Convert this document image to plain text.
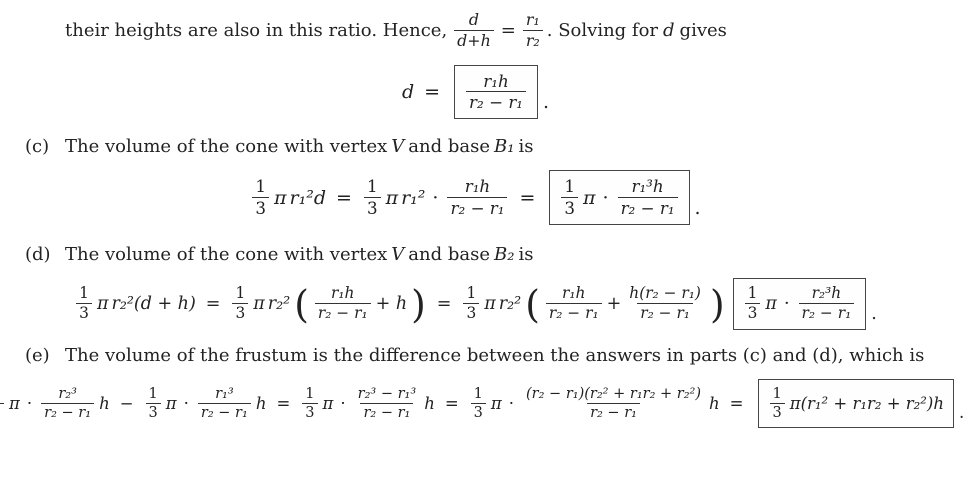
their heights are also in this ratio. Hence, $\frac{d}{d+h} = \frac{\text{r₁}}{\text{r₂}}$ . Solving for d gives

$d = \frac{\text{r₁h}}{\text{r₂ − r₁}}$ .

(c) The volume of the cone with vertex V and base B₁ is

$\frac{1}{3}$ π $r_1^2d = \frac{1}{3}$ π $r_1^2 \cdot \frac{\text{r₁h}}{\text{r₂ − r₁}} = \frac{1}{3}$ $\pi \cdot \frac{\text{r₁³h}}{\text{r₂ − r₁}}$ .

(d) The volume of the cone with vertex V and base B₂ is

$\frac{1}{3}$ π $r_2^2(d + h) = \frac{1}{3}$ π r₂² ( $\frac{\text{r₁h}}{\text{r₂ − r₁}} + h$ ) = $\frac{1}{3}$ π r₂² ( $\frac{\text{r₁h}}{\text{r₂ − r₁}} + \frac{\text{h(r₂ − r₁)}}{\text{r₂ − r₁}}$ ) $\frac{1}{3}$ $\pi \cdot \frac{\text{r₂³h}}{\text{r₂ − r₁}}$ .

(e) The volume of the frustum is the difference between the answers in parts (c) and (d), which is

$\pi \cdot \frac{\text{r₂³}}{\text{r₂ − r₁}}$ $h - \frac{1}{3}$ $\pi \cdot \frac{\text{r₁³}}{\text{r₂ − r₁}}$ $h = \frac{1}{3}$ $\pi \cdot \frac{\text{r₂³ − r₁³}}{\text{r₂ − r₁}}$ $h = \frac{1}{3}$ $\pi \cdot \frac{\text{(r₂ − r₁)(r₂² + r₁r₂ + r₂²)}}{\text{r₂ − r₁}}$ $h = \frac{1}{3} \pi(r_1^2 + r_1r_2 + r_2^2)h$ .
